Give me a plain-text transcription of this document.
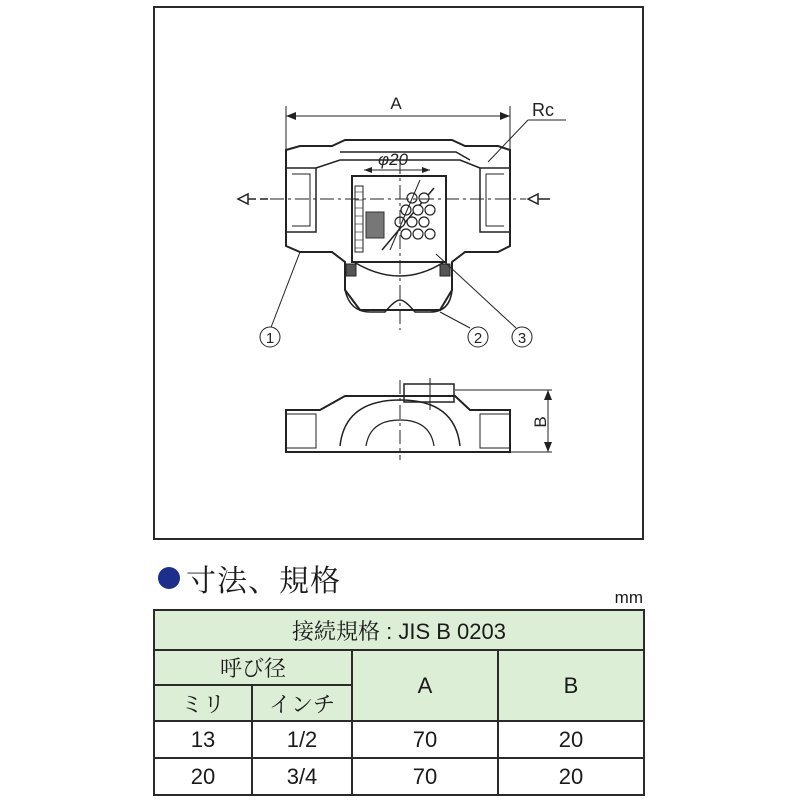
A	Rc
φ20
1	2 3
B
寸法、規格	mm
接続規格 : JIS B 0203			
呼び径		A	B
ミリ	インチ		
13	1/2	70	20
20	3/4	70	20
